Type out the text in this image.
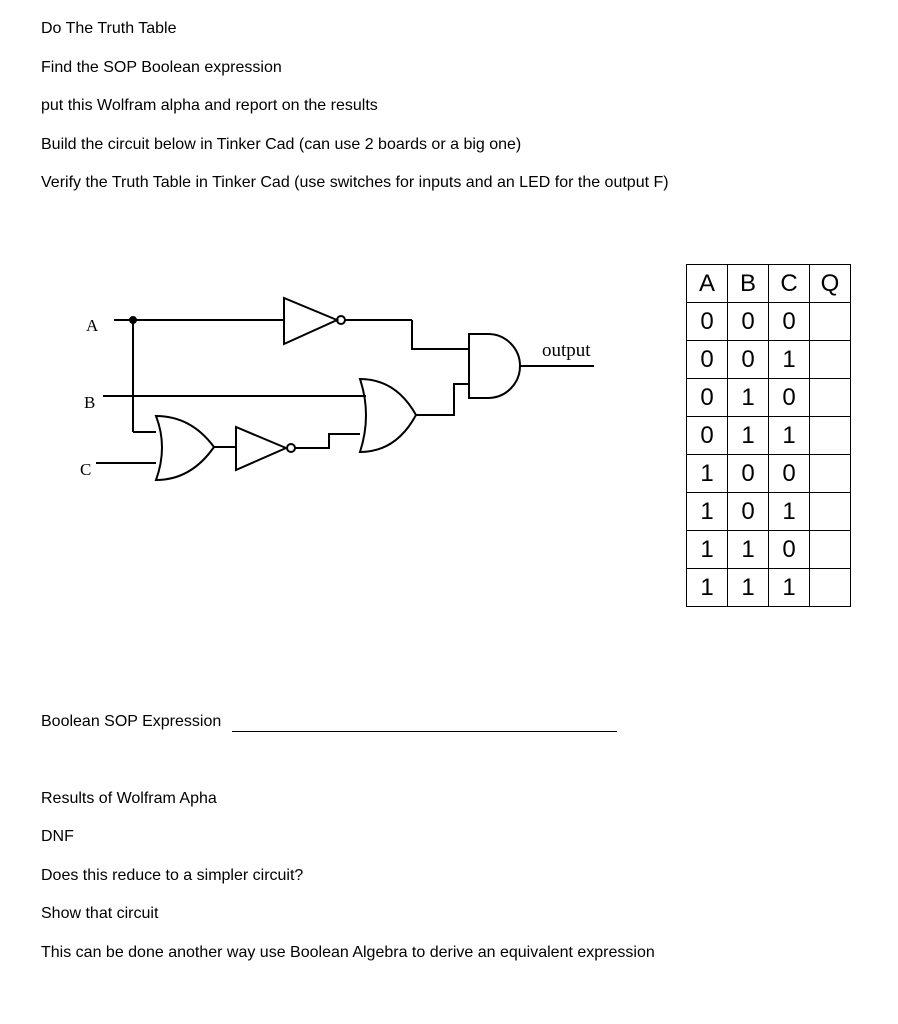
Do The Truth Table

Find the SOP Boolean expression

put this Wolfram alpha and report on the results

Build the circuit below in Tinker Cad (can use 2 boards or a big one)

Verify the Truth Table in Tinker Cad (use switches for inputs and an LED for the output F)

A
B
C
output
A	B	C	Q
0	0	0	
0	0	1	
0	1	0	
0	1	1	
1	0	0	
1	0	1	
1	1	0	
1	1	1	
Boolean SOP Expression

Results of Wolfram Apha

DNF

Does this reduce to a simpler circuit?

Show that circuit

This can be done another way use Boolean Algebra to derive an equivalent expression
